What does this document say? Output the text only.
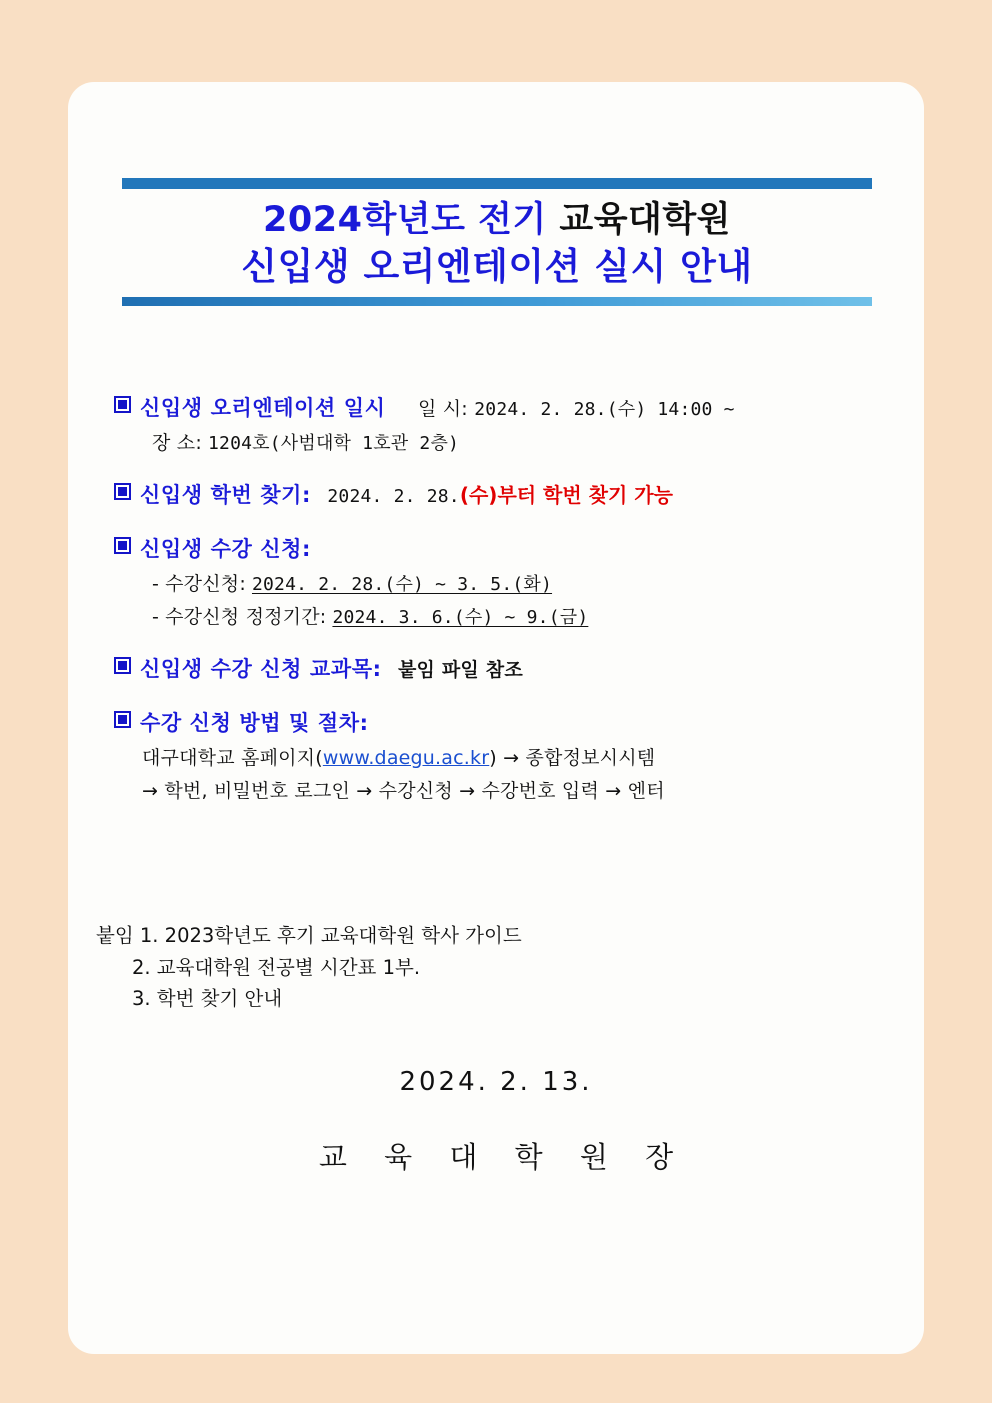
2024학년도 전기 교육대학원
신입생 오리엔테이션 실시 안내
신입생 오리엔테이션 일시 일 시: 2024. 2. 28.(수) 14:00 ~
장 소: 1204호(사범대학 1호관 2층)
신입생 학번 찾기: 2024. 2. 28.(수)부터 학번 찾기 가능
신입생 수강 신청:
- 수강신청: 2024. 2. 28.(수) ~ 3. 5.(화)
- 수강신청 정정기간: 2024. 3. 6.(수) ~ 9.(금)
신입생 수강 신청 교과목: 붙임 파일 참조
수강 신청 방법 및 절차:
대구대학교 홈페이지(www.daegu.ac.kr) → 종합정보시시템
→ 학번, 비밀번호 로그인 → 수강신청 → 수강번호 입력 → 엔터
붙임 1. 2023학년도 후기 교육대학원 학사 가이드
2. 교육대학원 전공별 시간표 1부.
3. 학번 찾기 안내
2024. 2. 13.
교 육 대 학 원 장
